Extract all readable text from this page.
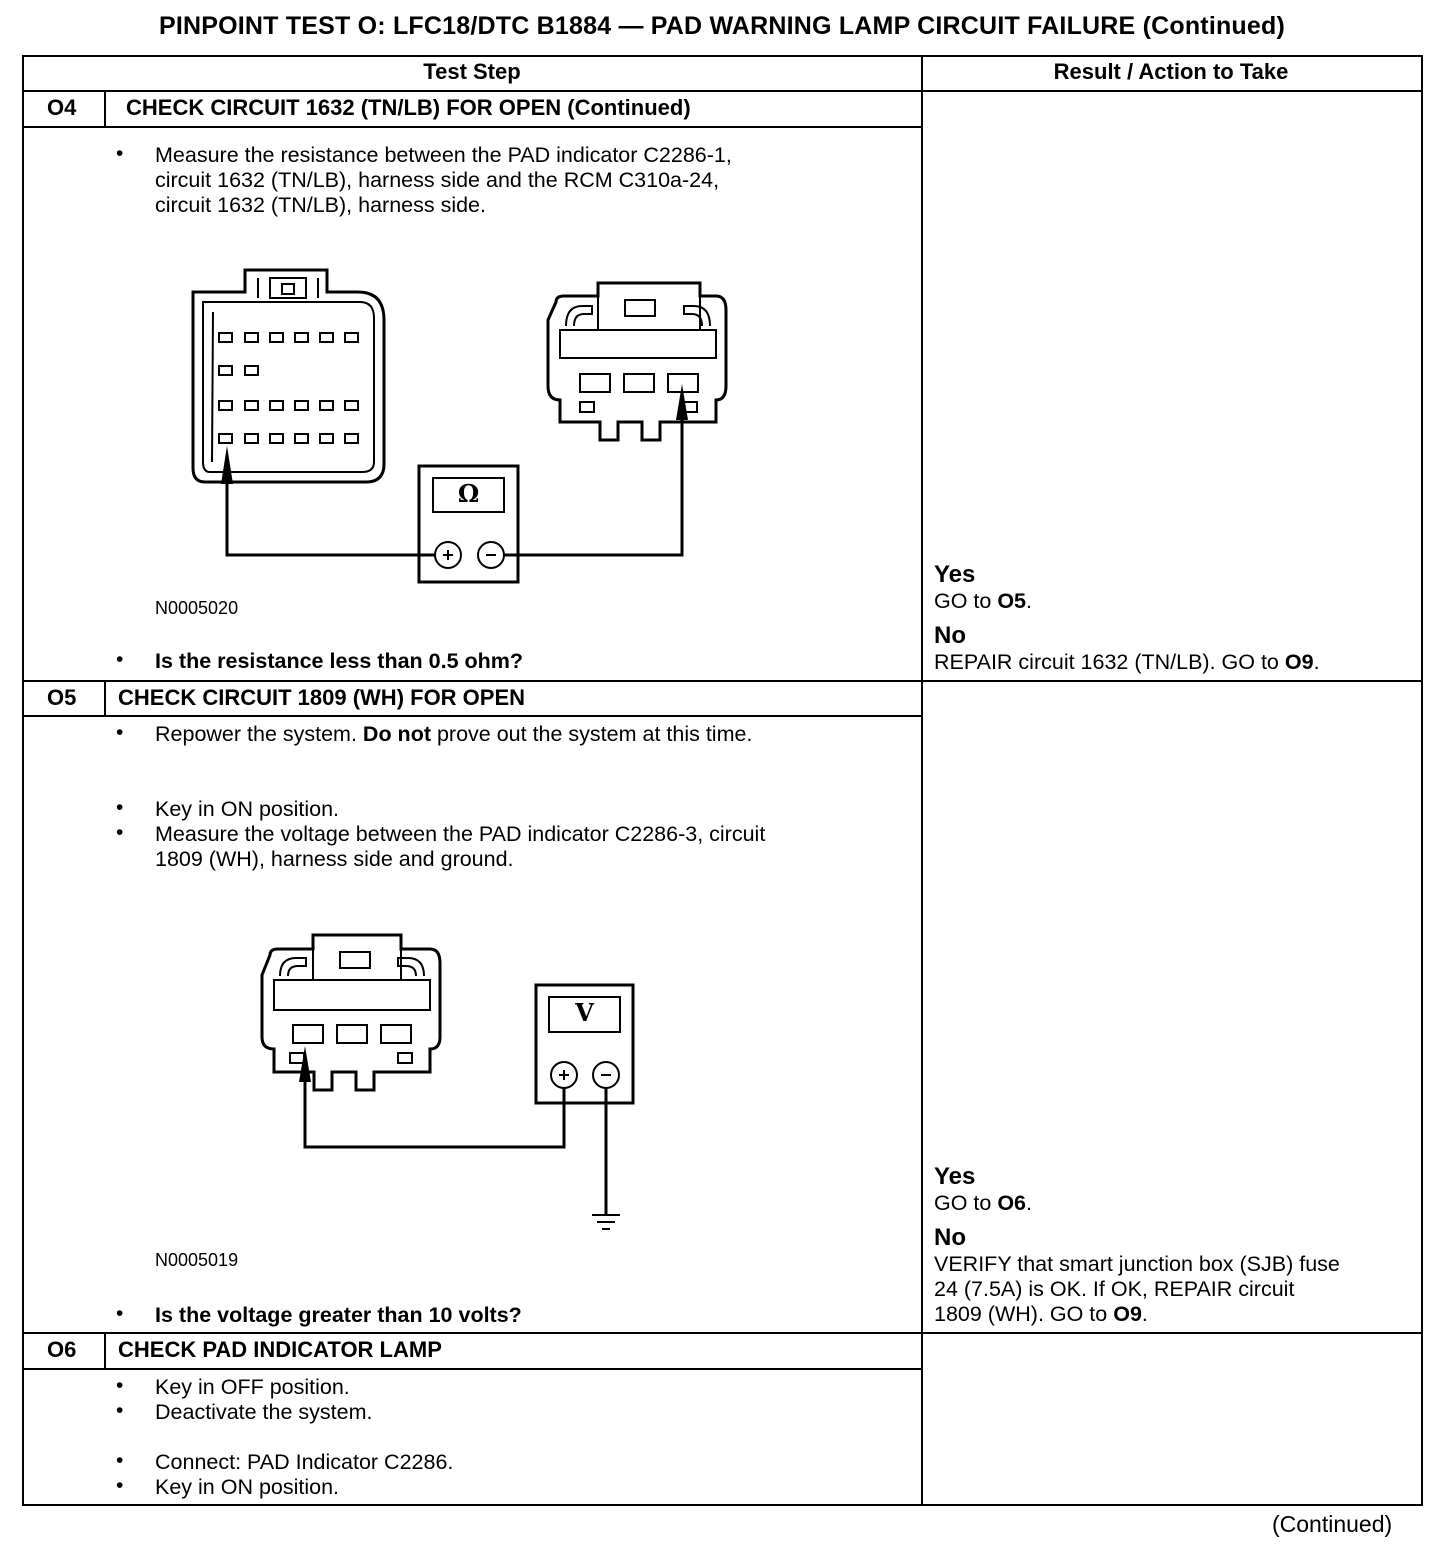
PINPOINT TEST O: LFC18/DTC B1884 — PAD WARNING LAMP CIRCUIT FAILURE (Continued)
Test Step	Result / Action to Take
O4 CHECK CIRCUIT 1632 (TN/LB) FOR OPEN (Continued)
• Measure the resistance between the PAD indicator C2286-1,
circuit 1632 (TN/LB), harness side and the RCM C310a-24,
circuit 1632 (TN/LB), harness side.
Ω
N0005020
• Is the resistance less than 0.5 ohm?
Yes
GO to O5.
No
REPAIR circuit 1632 (TN/LB). GO to O9.
O5 CHECK CIRCUIT 1809 (WH) FOR OPEN
• Repower the system. Do not prove out the system at this time.
• Key in ON position.
• Measure the voltage between the PAD indicator C2286-3, circuit
1809 (WH), harness side and ground.
V
N0005019
• Is the voltage greater than 10 volts?
Yes
GO to O6.
No
VERIFY that smart junction box (SJB) fuse
24 (7.5A) is OK. If OK, REPAIR circuit
1809 (WH). GO to O9.
O6 CHECK PAD INDICATOR LAMP
• Key in OFF position.
• Deactivate the system.
• Connect: PAD Indicator C2286.
• Key in ON position.
(Continued)
